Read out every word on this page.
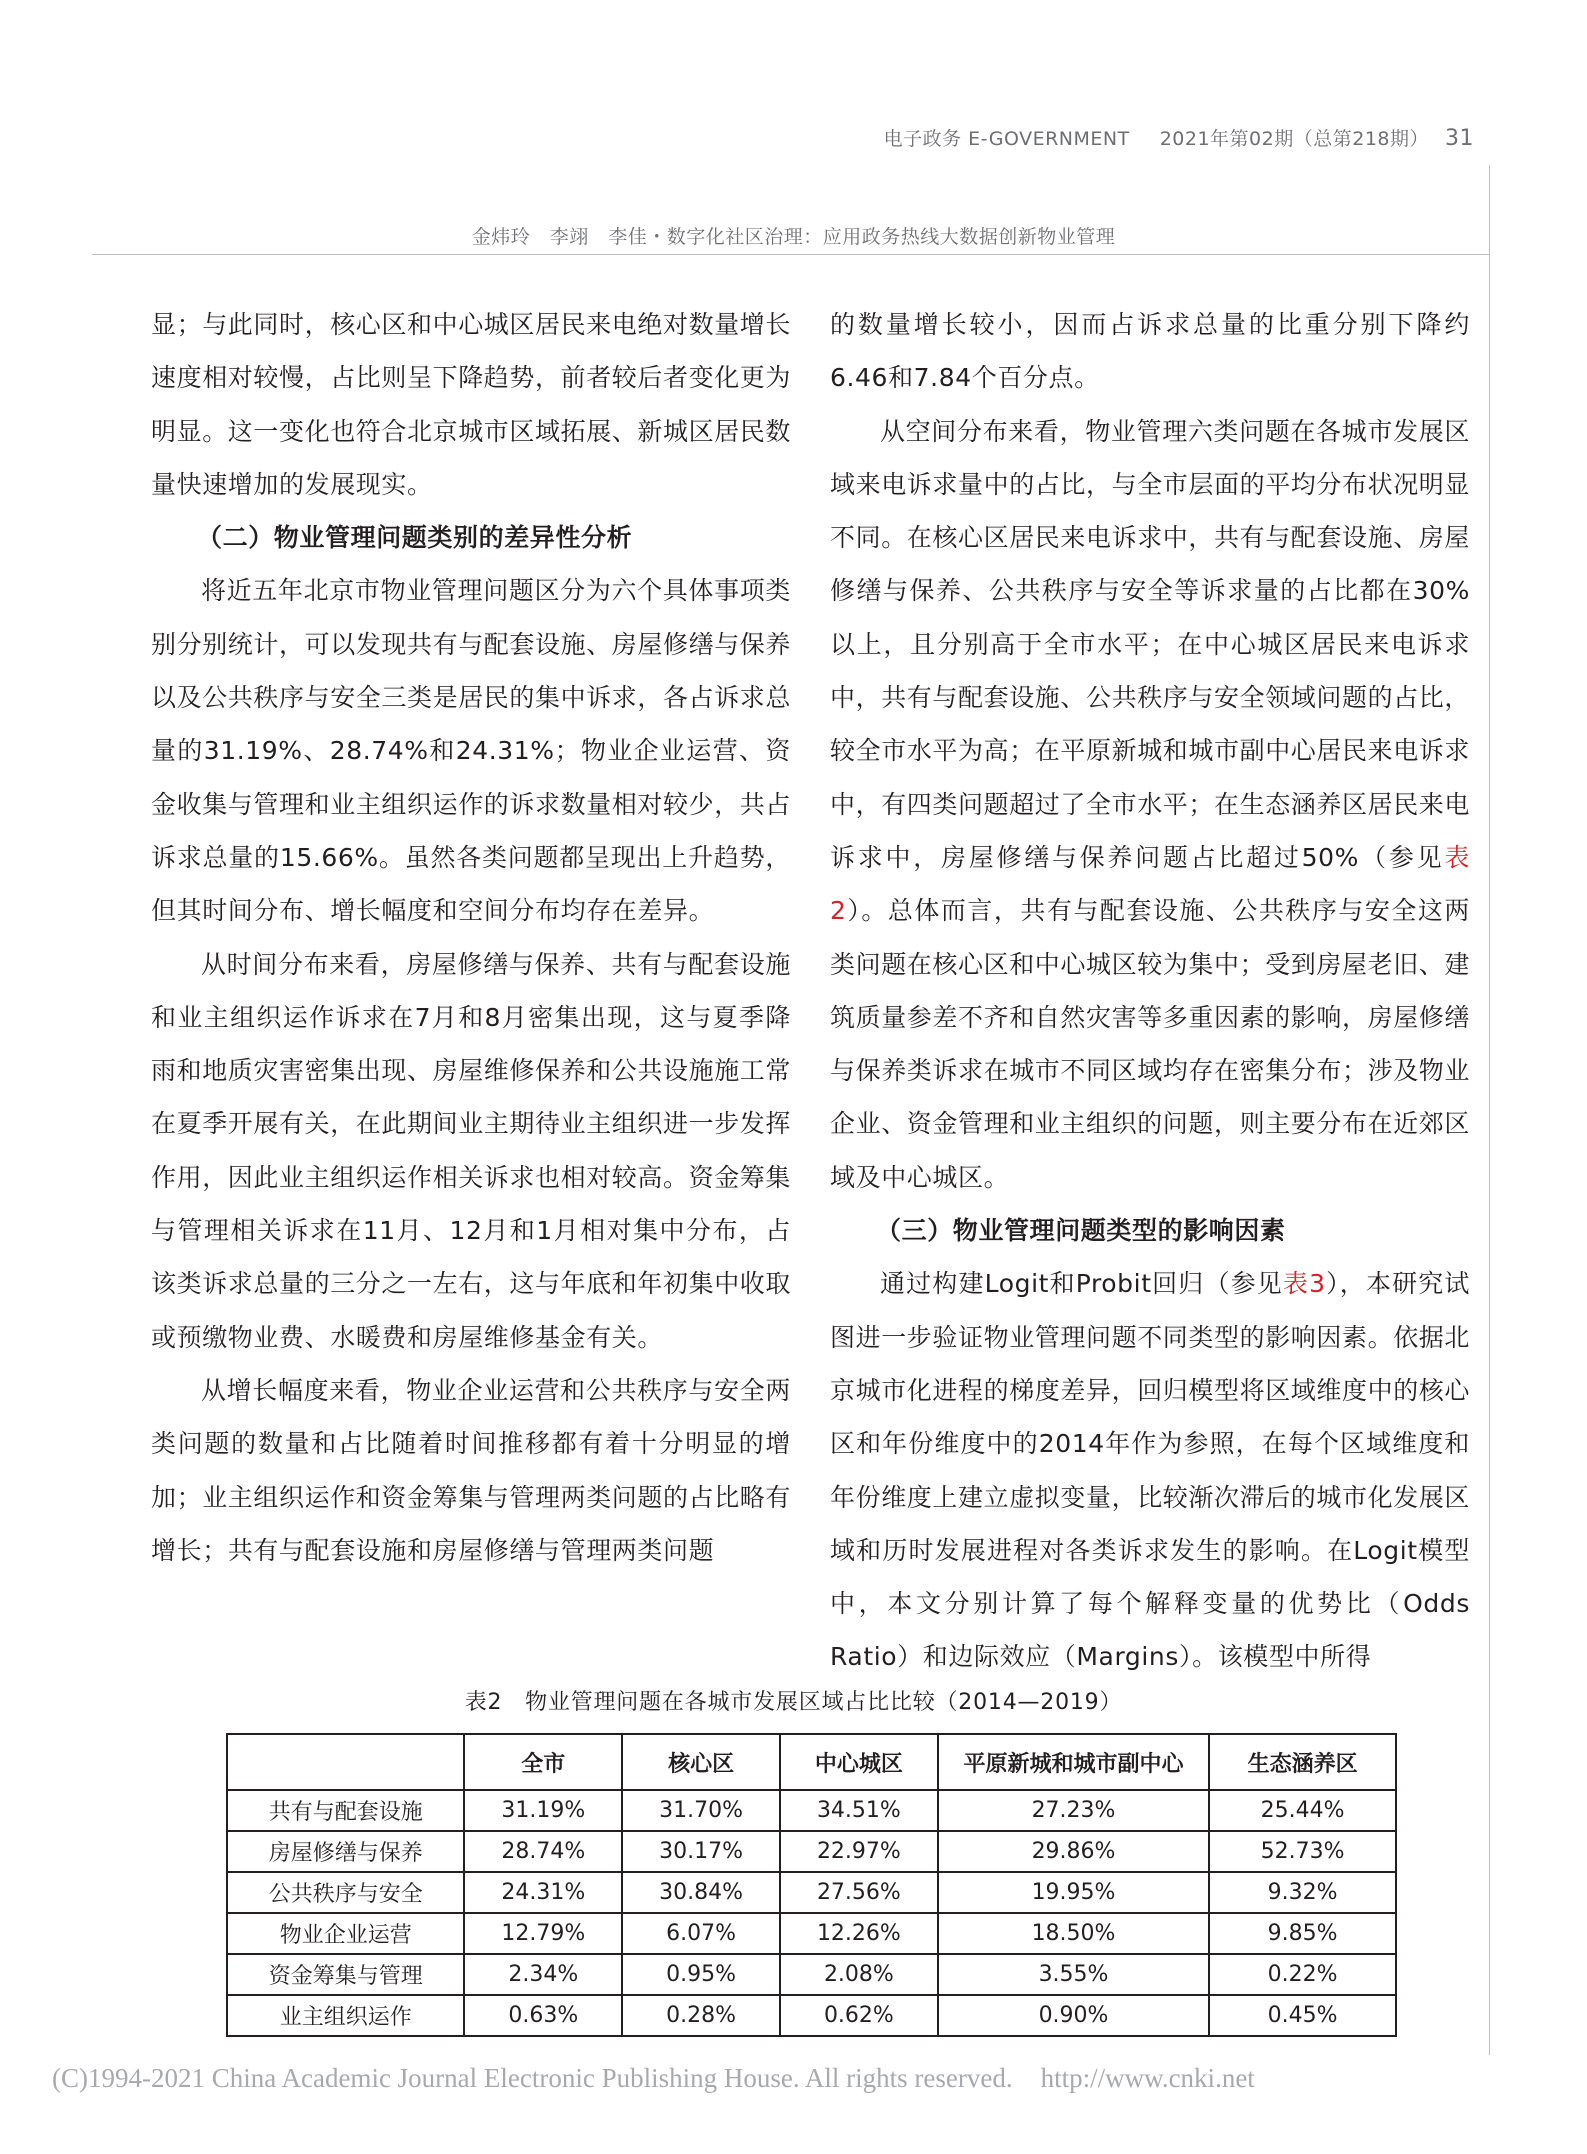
电子政务 E-GOVERNMENT 2021年第02期（总第218期） 31
金炜玲　李翊　李佳・数字化社区治理：应用政务热线大数据创新物业管理

显；与此同时，核心区和中心城区居民来电绝对数量增长速度相对较慢，占比则呈下降趋势，前者较后者变化更为明显。这一变化也符合北京城市区域拓展、新城区居民数量快速增加的发展现实。

（二）物业管理问题类别的差异性分析

将近五年北京市物业管理问题区分为六个具体事项类别分别统计，可以发现共有与配套设施、房屋修缮与保养以及公共秩序与安全三类是居民的集中诉求，各占诉求总量的31.19%、28.74%和24.31%；物业企业运营、资金收集与管理和业主组织运作的诉求数量相对较少，共占诉求总量的15.66%。虽然各类问题都呈现出上升趋势，但其时间分布、增长幅度和空间分布均存在差异。

从时间分布来看，房屋修缮与保养、共有与配套设施和业主组织运作诉求在7月和8月密集出现，这与夏季降雨和地质灾害密集出现、房屋维修保养和公共设施施工常在夏季开展有关，在此期间业主期待业主组织进一步发挥作用，因此业主组织运作相关诉求也相对较高。资金筹集与管理相关诉求在11月、12月和1月相对集中分布，占该类诉求总量的三分之一左右，这与年底和年初集中收取或预缴物业费、水暖费和房屋维修基金有关。

从增长幅度来看，物业企业运营和公共秩序与安全两类问题的数量和占比随着时间推移都有着十分明显的增加；业主组织运作和资金筹集与管理两类问题的占比略有增长；共有与配套设施和房屋修缮与管理两类问题

的数量增长较小，因而占诉求总量的比重分别下降约6.46和7.84个百分点。

从空间分布来看，物业管理六类问题在各城市发展区域来电诉求量中的占比，与全市层面的平均分布状况明显不同。在核心区居民来电诉求中，共有与配套设施、房屋修缮与保养、公共秩序与安全等诉求量的占比都在30%以上，且分别高于全市水平；在中心城区居民来电诉求中，共有与配套设施、公共秩序与安全领域问题的占比，较全市水平为高；在平原新城和城市副中心居民来电诉求中，有四类问题超过了全市水平；在生态涵养区居民来电诉求中，房屋修缮与保养问题占比超过50%（参见表2）。总体而言，共有与配套设施、公共秩序与安全这两类问题在核心区和中心城区较为集中；受到房屋老旧、建筑质量参差不齐和自然灾害等多重因素的影响，房屋修缮与保养类诉求在城市不同区域均存在密集分布；涉及物业企业、资金管理和业主组织的问题，则主要分布在近郊区域及中心城区。

（三）物业管理问题类型的影响因素

通过构建Logit和Probit回归（参见表3），本研究试图进一步验证物业管理问题不同类型的影响因素。依据北京城市化进程的梯度差异，回归模型将区域维度中的核心区和年份维度中的2014年作为参照，在每个区域维度和年份维度上建立虚拟变量，比较渐次滞后的城市化发展区域和历时发展进程对各类诉求发生的影响。在Logit模型中，本文分别计算了每个解释变量的优势比（Odds Ratio）和边际效应（Margins）。该模型中所得

表2　物业管理问题在各城市发展区域占比比较（2014—2019）
	全市	核心区	中心城区	平原新城和城市副中心	生态涵养区
共有与配套设施	31.19%	31.70%	34.51%	27.23%	25.44%
房屋修缮与保养	28.74%	30.17%	22.97%	29.86%	52.73%
公共秩序与安全	24.31%	30.84%	27.56%	19.95%	9.32%
物业企业运营	12.79%	6.07%	12.26%	18.50%	9.85%
资金筹集与管理	2.34%	0.95%	2.08%	3.55%	0.22%
业主组织运作	0.63%	0.28%	0.62%	0.90%	0.45%
(C)1994-2021 China Academic Journal Electronic Publishing House. All rights reserved. http://www.cnki.net
